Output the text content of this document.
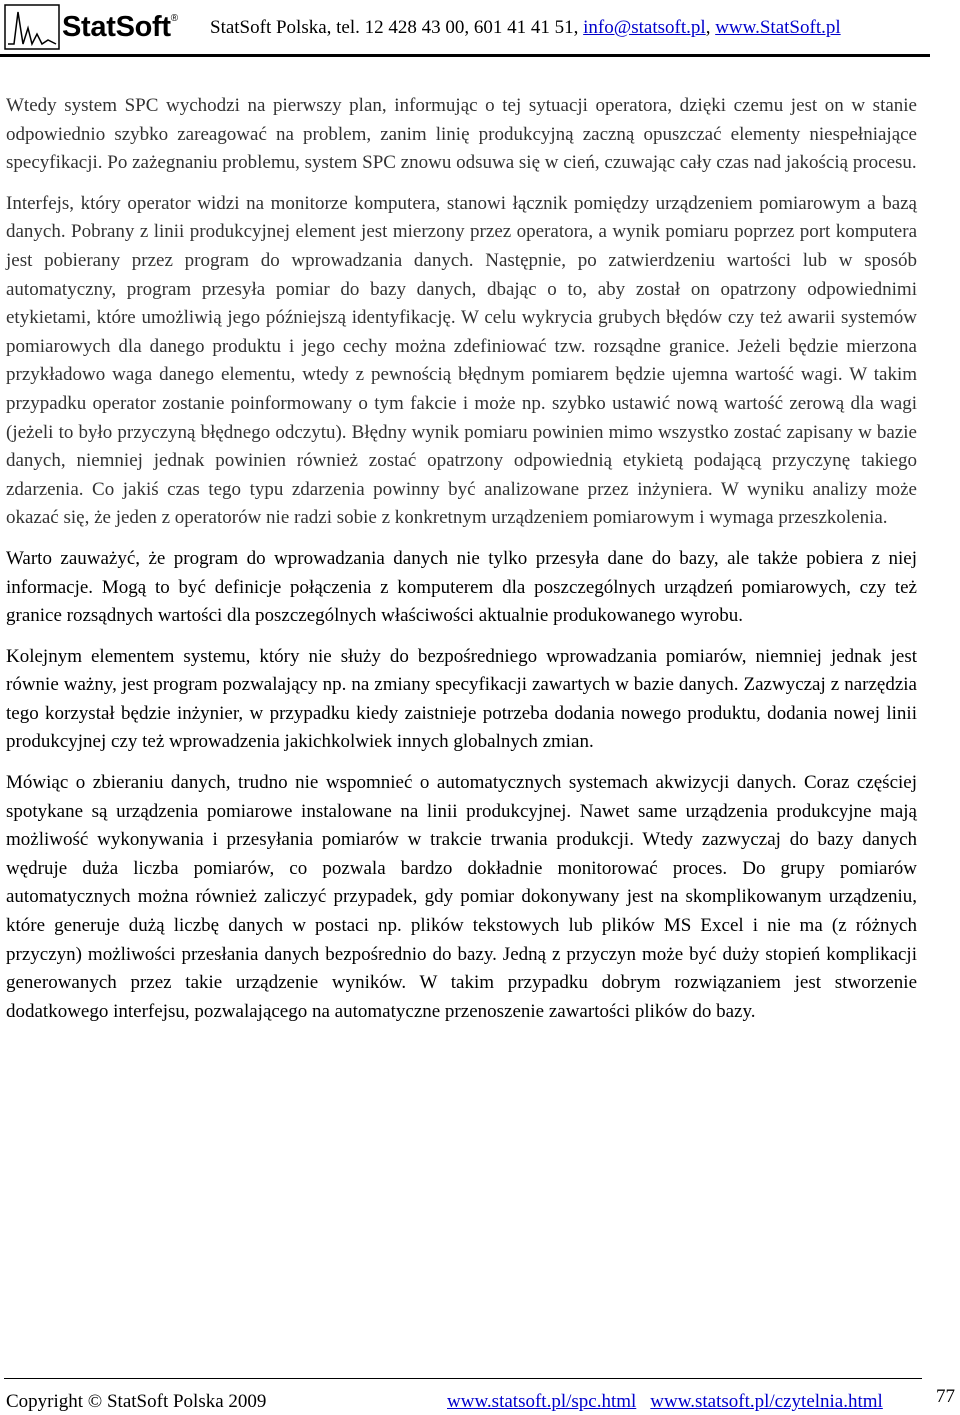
StatSoft® StatSoft Polska, tel. 12 428 43 00, 601 41 41 51, info@statsoft.pl, www.StatSoft.pl

Wtedy system SPC wychodzi na pierwszy plan, informując o tej sytuacji operatora, dzięki czemu jest on w stanie odpowiednio szybko zareagować na problem, zanim linię produkcyjną zaczną opuszczać elementy niespełniające specyfikacji. Po zażegnaniu problemu, system SPC znowu odsuwa się w cień, czuwając cały czas nad jakością procesu.

Interfejs, który operator widzi na monitorze komputera, stanowi łącznik pomiędzy urządzeniem pomiarowym a bazą danych. Pobrany z linii produkcyjnej element jest mierzony przez operatora, a wynik pomiaru poprzez port komputera jest pobierany przez program do wprowadzania danych. Następnie, po zatwierdzeniu wartości lub w sposób automatyczny, program przesyła pomiar do bazy danych, dbając o to, aby został on opatrzony odpowiednimi etykietami, które umożliwią jego późniejszą identyfikację. W celu wykrycia grubych błędów czy też awarii systemów pomiarowych dla danego produktu i jego cechy można zdefiniować tzw. rozsądne granice. Jeżeli będzie mierzona przykładowo waga danego elementu, wtedy z pewnością błędnym pomiarem będzie ujemna wartość wagi. W takim przypadku operator zostanie poinformowany o tym fakcie i może np. szybko ustawić nową wartość zerową dla wagi (jeżeli to było przyczyną błędnego odczytu). Błędny wynik pomiaru powinien mimo wszystko zostać zapisany w bazie danych, niemniej jednak powinien również zostać opatrzony odpowiednią etykietą podającą przyczynę takiego zdarzenia. Co jakiś czas tego typu zdarzenia powinny być analizowane przez inżyniera. W wyniku analizy może okazać się, że jeden z operatorów nie radzi sobie z konkretnym urządzeniem pomiarowym i wymaga przeszkolenia.

Warto zauważyć, że program do wprowadzania danych nie tylko przesyła dane do bazy, ale także pobiera z niej informacje. Mogą to być definicje połączenia z komputerem dla poszczególnych urządzeń pomiarowych, czy też granice rozsądnych wartości dla poszczególnych właściwości aktualnie produkowanego wyrobu.

Kolejnym elementem systemu, który nie służy do bezpośredniego wprowadzania pomiarów, niemniej jednak jest równie ważny, jest program pozwalający np. na zmiany specyfikacji zawartych w bazie danych. Zazwyczaj z narzędzia tego korzystał będzie inżynier, w przypadku kiedy zaistnieje potrzeba dodania nowego produktu, dodania nowej linii produkcyjnej czy też wprowadzenia jakichkolwiek innych globalnych zmian.

Mówiąc o zbieraniu danych, trudno nie wspomnieć o automatycznych systemach akwizycji danych. Coraz częściej spotykane są urządzenia pomiarowe instalowane na linii produkcyjnej. Nawet same urządzenia produkcyjne mają możliwość wykonywania i przesyłania pomiarów w trakcie trwania produkcji. Wtedy zazwyczaj do bazy danych wędruje duża liczba pomiarów, co pozwala bardzo dokładnie monitorować proces. Do grupy pomiarów automatycznych można również zaliczyć przypadek, gdy pomiar dokonywany jest na skomplikowanym urządzeniu, które generuje dużą liczbę danych w postaci np. plików tekstowych lub plików MS Excel i nie ma (z różnych przyczyn) możliwości przesłania danych bezpośrednio do bazy. Jedną z przyczyn może być duży stopień komplikacji generowanych przez takie urządzenie wyników. W takim przypadku dobrym rozwiązaniem jest stworzenie dodatkowego interfejsu, pozwalającego na automatyczne przenoszenie zawartości plików do bazy.

Copyright © StatSoft Polska 2009	www.statsoft.pl/spc.html www.statsoft.pl/czytelnia.html	77
